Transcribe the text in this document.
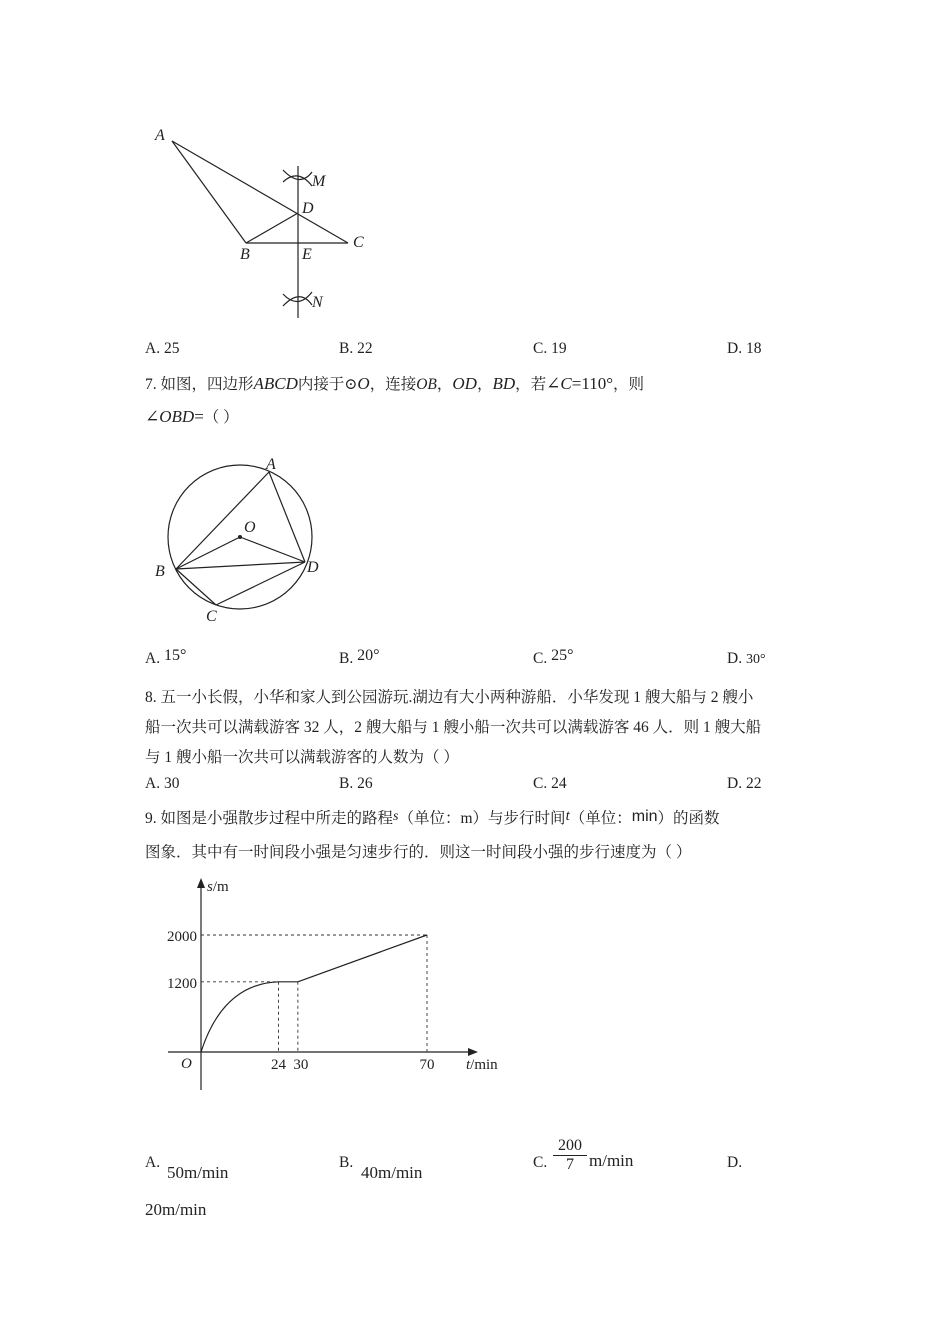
A
M
D
C
B	E
N
A. 25	B. 22	C. 19	D. 18
7. 如图，四边形ABCD内接于⊙O，连接OB，OD，BD，若∠C=110°，则
∠OBD=（ ）
A
O
B	D
C
A. 15°	B. 20°	C. 25°	D. 30°
8. 五一小长假，小华和家人到公园游玩.湖边有大小两种游船．小华发现 1 艘大船与 2 艘小
船一次共可以满载游客 32 人，2 艘大船与 1 艘小船一次共可以满载游客 46 人．则 1 艘大船
与 1 艘小船一次共可以满载游客的人数为（ ）
A. 30	B. 26	C. 24	D. 22
9. 如图是小强散步过程中所走的路程s（单位：m）与步行时间t（单位：min）的函数
图象．其中有一时间段小强是匀速步行的．则这一时间段小强的步行速度为（ ）
s/m
t/min
O
2000
1200
24 30	70
A.
50m/min
B.
40m/min
C. $\frac{200}{7} m/\min$	D.
20m/min
